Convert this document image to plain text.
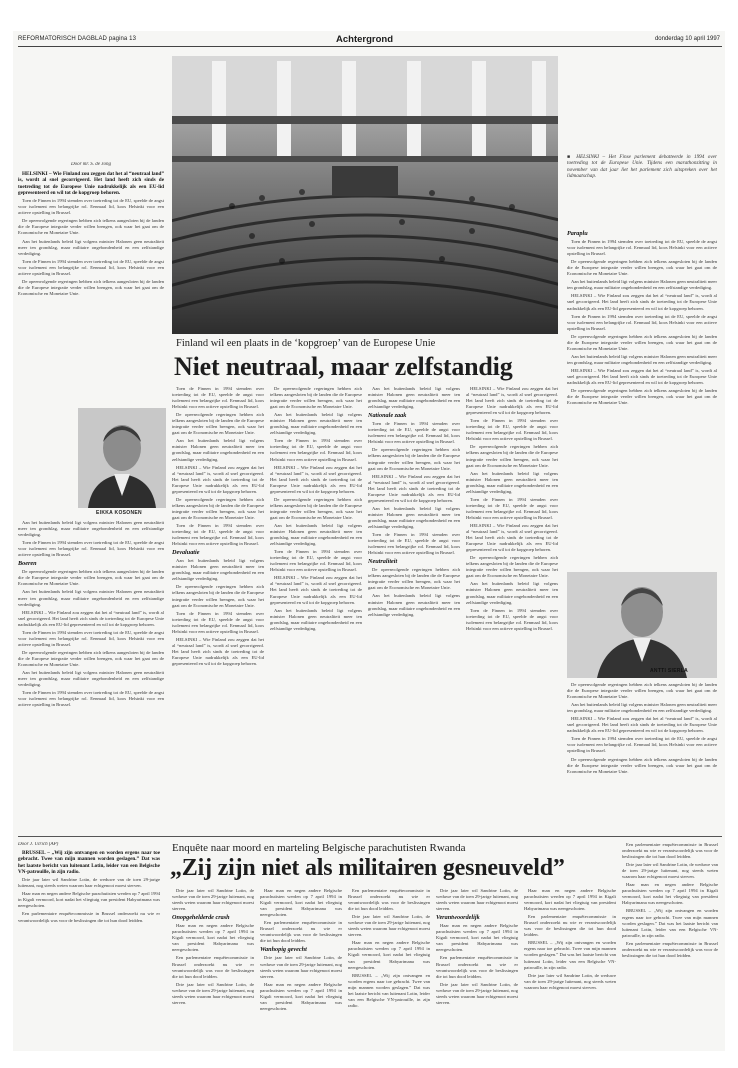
REFORMATORISCH DAGBLAD pagina 13	Achtergrond	donderdag 10 april 1997
■ HELSINKI – Het Finse parlement debatteerde in 1994 over toetreding tot de Europese Unie. Tijdens een marathonzitting in november van dat jaar liet het parlement zich uitspreken over het lidmaatschap.
Paraplu

Toen de Finnen in 1994 stemden over toetreding tot de EU, speelde de angst voor isolement een belangrijke rol. Eenmaal lid, koos Helsinki voor een actieve opstelling in Brussel.

De opeenvolgende regeringen hebben zich telkens aangesloten bij de landen die de Europese integratie verder willen brengen, ook waar het gaat om de Economische en Monetaire Unie.

Aan het buitenlands beleid ligt volgens minister Halonen geen neutraliteit meer ten grondslag, maar militaire ongebondenheid en een zelfstandige verdediging.

HELSINKI – Wie Finland zou zeggen dat het al “neutraal land” is, wordt al snel gecorrigeerd. Het land heeft zich sinds de toetreding tot de Europese Unie nadrukkelijk als een EU-lid gepresenteerd en wil tot de kopgroep behoren.

Toen de Finnen in 1994 stemden over toetreding tot de EU, speelde de angst voor isolement een belangrijke rol. Eenmaal lid, koos Helsinki voor een actieve opstelling in Brussel.

De opeenvolgende regeringen hebben zich telkens aangesloten bij de landen die de Europese integratie verder willen brengen, ook waar het gaat om de Economische en Monetaire Unie.

Aan het buitenlands beleid ligt volgens minister Halonen geen neutraliteit meer ten grondslag, maar militaire ongebondenheid en een zelfstandige verdediging.

HELSINKI – Wie Finland zou zeggen dat het al “neutraal land” is, wordt al snel gecorrigeerd. Het land heeft zich sinds de toetreding tot de Europese Unie nadrukkelijk als een EU-lid gepresenteerd en wil tot de kopgroep behoren.

De opeenvolgende regeringen hebben zich telkens aangesloten bij de landen die de Europese integratie verder willen brengen, ook waar het gaat om de Economische en Monetaire Unie.

Door mr. S. de Jong

HELSINKI – Wie Finland zou zeggen dat het al “neutraal land” is, wordt al snel gecorrigeerd. Het land heeft zich sinds de toetreding tot de Europese Unie nadrukkelijk als een EU-lid gepresenteerd en wil tot de kopgroep behoren.

Toen de Finnen in 1994 stemden over toetreding tot de EU, speelde de angst voor isolement een belangrijke rol. Eenmaal lid, koos Helsinki voor een actieve opstelling in Brussel.

De opeenvolgende regeringen hebben zich telkens aangesloten bij de landen die de Europese integratie verder willen brengen, ook waar het gaat om de Economische en Monetaire Unie.

Aan het buitenlands beleid ligt volgens minister Halonen geen neutraliteit meer ten grondslag, maar militaire ongebondenheid en een zelfstandige verdediging.

Toen de Finnen in 1994 stemden over toetreding tot de EU, speelde de angst voor isolement een belangrijke rol. Eenmaal lid, koos Helsinki voor een actieve opstelling in Brussel.

De opeenvolgende regeringen hebben zich telkens aangesloten bij de landen die de Europese integratie verder willen brengen, ook waar het gaat om de Economische en Monetaire Unie.

Finland wil een plaats in de ‘kopgroep’ van de Europese Unie
Niet neutraal, maar zelfstandig
EIKKA KOSONEN

Aan het buitenlands beleid ligt volgens minister Halonen geen neutraliteit meer ten grondslag, maar militaire ongebondenheid en een zelfstandige verdediging.

Toen de Finnen in 1994 stemden over toetreding tot de EU, speelde de angst voor isolement een belangrijke rol. Eenmaal lid, koos Helsinki voor een actieve opstelling in Brussel.

Boeren

De opeenvolgende regeringen hebben zich telkens aangesloten bij de landen die de Europese integratie verder willen brengen, ook waar het gaat om de Economische en Monetaire Unie.

Aan het buitenlands beleid ligt volgens minister Halonen geen neutraliteit meer ten grondslag, maar militaire ongebondenheid en een zelfstandige verdediging.

HELSINKI – Wie Finland zou zeggen dat het al “neutraal land” is, wordt al snel gecorrigeerd. Het land heeft zich sinds de toetreding tot de Europese Unie nadrukkelijk als een EU-lid gepresenteerd en wil tot de kopgroep behoren.

Toen de Finnen in 1994 stemden over toetreding tot de EU, speelde de angst voor isolement een belangrijke rol. Eenmaal lid, koos Helsinki voor een actieve opstelling in Brussel.

De opeenvolgende regeringen hebben zich telkens aangesloten bij de landen die de Europese integratie verder willen brengen, ook waar het gaat om de Economische en Monetaire Unie.

Aan het buitenlands beleid ligt volgens minister Halonen geen neutraliteit meer ten grondslag, maar militaire ongebondenheid en een zelfstandige verdediging.

Toen de Finnen in 1994 stemden over toetreding tot de EU, speelde de angst voor isolement een belangrijke rol. Eenmaal lid, koos Helsinki voor een actieve opstelling in Brussel.

Toen de Finnen in 1994 stemden over toetreding tot de EU, speelde de angst voor isolement een belangrijke rol. Eenmaal lid, koos Helsinki voor een actieve opstelling in Brussel.

De opeenvolgende regeringen hebben zich telkens aangesloten bij de landen die de Europese integratie verder willen brengen, ook waar het gaat om de Economische en Monetaire Unie.

Aan het buitenlands beleid ligt volgens minister Halonen geen neutraliteit meer ten grondslag, maar militaire ongebondenheid en een zelfstandige verdediging.

HELSINKI – Wie Finland zou zeggen dat het al “neutraal land” is, wordt al snel gecorrigeerd. Het land heeft zich sinds de toetreding tot de Europese Unie nadrukkelijk als een EU-lid gepresenteerd en wil tot de kopgroep behoren.

De opeenvolgende regeringen hebben zich telkens aangesloten bij de landen die de Europese integratie verder willen brengen, ook waar het gaat om de Economische en Monetaire Unie.

Toen de Finnen in 1994 stemden over toetreding tot de EU, speelde de angst voor isolement een belangrijke rol. Eenmaal lid, koos Helsinki voor een actieve opstelling in Brussel.

Devaluatie

Aan het buitenlands beleid ligt volgens minister Halonen geen neutraliteit meer ten grondslag, maar militaire ongebondenheid en een zelfstandige verdediging.

De opeenvolgende regeringen hebben zich telkens aangesloten bij de landen die de Europese integratie verder willen brengen, ook waar het gaat om de Economische en Monetaire Unie.

Toen de Finnen in 1994 stemden over toetreding tot de EU, speelde de angst voor isolement een belangrijke rol. Eenmaal lid, koos Helsinki voor een actieve opstelling in Brussel.

HELSINKI – Wie Finland zou zeggen dat het al “neutraal land” is, wordt al snel gecorrigeerd. Het land heeft zich sinds de toetreding tot de Europese Unie nadrukkelijk als een EU-lid gepresenteerd en wil tot de kopgroep behoren.

De opeenvolgende regeringen hebben zich telkens aangesloten bij de landen die de Europese integratie verder willen brengen, ook waar het gaat om de Economische en Monetaire Unie.

Aan het buitenlands beleid ligt volgens minister Halonen geen neutraliteit meer ten grondslag, maar militaire ongebondenheid en een zelfstandige verdediging.

Toen de Finnen in 1994 stemden over toetreding tot de EU, speelde de angst voor isolement een belangrijke rol. Eenmaal lid, koos Helsinki voor een actieve opstelling in Brussel.

HELSINKI – Wie Finland zou zeggen dat het al “neutraal land” is, wordt al snel gecorrigeerd. Het land heeft zich sinds de toetreding tot de Europese Unie nadrukkelijk als een EU-lid gepresenteerd en wil tot de kopgroep behoren.

De opeenvolgende regeringen hebben zich telkens aangesloten bij de landen die de Europese integratie verder willen brengen, ook waar het gaat om de Economische en Monetaire Unie.

Aan het buitenlands beleid ligt volgens minister Halonen geen neutraliteit meer ten grondslag, maar militaire ongebondenheid en een zelfstandige verdediging.

Toen de Finnen in 1994 stemden over toetreding tot de EU, speelde de angst voor isolement een belangrijke rol. Eenmaal lid, koos Helsinki voor een actieve opstelling in Brussel.

HELSINKI – Wie Finland zou zeggen dat het al “neutraal land” is, wordt al snel gecorrigeerd. Het land heeft zich sinds de toetreding tot de Europese Unie nadrukkelijk als een EU-lid gepresenteerd en wil tot de kopgroep behoren.

Aan het buitenlands beleid ligt volgens minister Halonen geen neutraliteit meer ten grondslag, maar militaire ongebondenheid en een zelfstandige verdediging.

Aan het buitenlands beleid ligt volgens minister Halonen geen neutraliteit meer ten grondslag, maar militaire ongebondenheid en een zelfstandige verdediging.

Nationale zaak

Toen de Finnen in 1994 stemden over toetreding tot de EU, speelde de angst voor isolement een belangrijke rol. Eenmaal lid, koos Helsinki voor een actieve opstelling in Brussel.

De opeenvolgende regeringen hebben zich telkens aangesloten bij de landen die de Europese integratie verder willen brengen, ook waar het gaat om de Economische en Monetaire Unie.

HELSINKI – Wie Finland zou zeggen dat het al “neutraal land” is, wordt al snel gecorrigeerd. Het land heeft zich sinds de toetreding tot de Europese Unie nadrukkelijk als een EU-lid gepresenteerd en wil tot de kopgroep behoren.

Aan het buitenlands beleid ligt volgens minister Halonen geen neutraliteit meer ten grondslag, maar militaire ongebondenheid en een zelfstandige verdediging.

Toen de Finnen in 1994 stemden over toetreding tot de EU, speelde de angst voor isolement een belangrijke rol. Eenmaal lid, koos Helsinki voor een actieve opstelling in Brussel.

Neutraliteit

De opeenvolgende regeringen hebben zich telkens aangesloten bij de landen die de Europese integratie verder willen brengen, ook waar het gaat om de Economische en Monetaire Unie.

Aan het buitenlands beleid ligt volgens minister Halonen geen neutraliteit meer ten grondslag, maar militaire ongebondenheid en een zelfstandige verdediging.

HELSINKI – Wie Finland zou zeggen dat het al “neutraal land” is, wordt al snel gecorrigeerd. Het land heeft zich sinds de toetreding tot de Europese Unie nadrukkelijk als een EU-lid gepresenteerd en wil tot de kopgroep behoren.

Toen de Finnen in 1994 stemden over toetreding tot de EU, speelde de angst voor isolement een belangrijke rol. Eenmaal lid, koos Helsinki voor een actieve opstelling in Brussel.

De opeenvolgende regeringen hebben zich telkens aangesloten bij de landen die de Europese integratie verder willen brengen, ook waar het gaat om de Economische en Monetaire Unie.

Aan het buitenlands beleid ligt volgens minister Halonen geen neutraliteit meer ten grondslag, maar militaire ongebondenheid en een zelfstandige verdediging.

Toen de Finnen in 1994 stemden over toetreding tot de EU, speelde de angst voor isolement een belangrijke rol. Eenmaal lid, koos Helsinki voor een actieve opstelling in Brussel.

HELSINKI – Wie Finland zou zeggen dat het al “neutraal land” is, wordt al snel gecorrigeerd. Het land heeft zich sinds de toetreding tot de Europese Unie nadrukkelijk als een EU-lid gepresenteerd en wil tot de kopgroep behoren.

De opeenvolgende regeringen hebben zich telkens aangesloten bij de landen die de Europese integratie verder willen brengen, ook waar het gaat om de Economische en Monetaire Unie.

Aan het buitenlands beleid ligt volgens minister Halonen geen neutraliteit meer ten grondslag, maar militaire ongebondenheid en een zelfstandige verdediging.

Toen de Finnen in 1994 stemden over toetreding tot de EU, speelde de angst voor isolement een belangrijke rol. Eenmaal lid, koos Helsinki voor een actieve opstelling in Brussel.

ANTTI SIERLA

De opeenvolgende regeringen hebben zich telkens aangesloten bij de landen die de Europese integratie verder willen brengen, ook waar het gaat om de Economische en Monetaire Unie.

Aan het buitenlands beleid ligt volgens minister Halonen geen neutraliteit meer ten grondslag, maar militaire ongebondenheid en een zelfstandige verdediging.

HELSINKI – Wie Finland zou zeggen dat het al “neutraal land” is, wordt al snel gecorrigeerd. Het land heeft zich sinds de toetreding tot de Europese Unie nadrukkelijk als een EU-lid gepresenteerd en wil tot de kopgroep behoren.

Toen de Finnen in 1994 stemden over toetreding tot de EU, speelde de angst voor isolement een belangrijke rol. Eenmaal lid, koos Helsinki voor een actieve opstelling in Brussel.

De opeenvolgende regeringen hebben zich telkens aangesloten bij de landen die de Europese integratie verder willen brengen, ook waar het gaat om de Economische en Monetaire Unie.

Door J. Ulrich (AP)

BRUSSEL – „Wij zijn ontvangen en worden ergens naar toe gebracht. Twee van mijn mannen worden geslagen.” Dat was het laatste bericht van luitenant Lotin, leider van een Belgische VN-patrouille, in zijn radio.

Drie jaar later wil Sandrine Lotin, de weduwe van de toen 29-jarige luitenant, nog steeds weten waarom haar echtgenoot moest sterven.

Haar man en negen andere Belgische parachutisten werden op 7 april 1994 in Kigali vermoord, kort nadat het vliegtuig van president Habyarimana was neergeschoten.

Een parlementaire enquêtecommissie in Brussel onderzoekt nu wie er verantwoordelijk was voor de beslissingen die tot hun dood leidden.

Enquête naar moord en marteling Belgische parachutisten Rwanda
„Zij zijn niet als militairen gesneuveld”

Drie jaar later wil Sandrine Lotin, de weduwe van de toen 29-jarige luitenant, nog steeds weten waarom haar echtgenoot moest sterven.

Onopgehelderde crash

Haar man en negen andere Belgische parachutisten werden op 7 april 1994 in Kigali vermoord, kort nadat het vliegtuig van president Habyarimana was neergeschoten.

Een parlementaire enquêtecommissie in Brussel onderzoekt nu wie er verantwoordelijk was voor de beslissingen die tot hun dood leidden.

Drie jaar later wil Sandrine Lotin, de weduwe van de toen 29-jarige luitenant, nog steeds weten waarom haar echtgenoot moest sterven.

Haar man en negen andere Belgische parachutisten werden op 7 april 1994 in Kigali vermoord, kort nadat het vliegtuig van president Habyarimana was neergeschoten.

Een parlementaire enquêtecommissie in Brussel onderzoekt nu wie er verantwoordelijk was voor de beslissingen die tot hun dood leidden.

Wanhopig gevecht

Drie jaar later wil Sandrine Lotin, de weduwe van de toen 29-jarige luitenant, nog steeds weten waarom haar echtgenoot moest sterven.

Haar man en negen andere Belgische parachutisten werden op 7 april 1994 in Kigali vermoord, kort nadat het vliegtuig van president Habyarimana was neergeschoten.

Een parlementaire enquêtecommissie in Brussel onderzoekt nu wie er verantwoordelijk was voor de beslissingen die tot hun dood leidden.

Drie jaar later wil Sandrine Lotin, de weduwe van de toen 29-jarige luitenant, nog steeds weten waarom haar echtgenoot moest sterven.

Haar man en negen andere Belgische parachutisten werden op 7 april 1994 in Kigali vermoord, kort nadat het vliegtuig van president Habyarimana was neergeschoten.

BRUSSEL – „Wij zijn ontvangen en worden ergens naar toe gebracht. Twee van mijn mannen worden geslagen.” Dat was het laatste bericht van luitenant Lotin, leider van een Belgische VN-patrouille, in zijn radio.

Drie jaar later wil Sandrine Lotin, de weduwe van de toen 29-jarige luitenant, nog steeds weten waarom haar echtgenoot moest sterven.

Verantwoordelijk

Haar man en negen andere Belgische parachutisten werden op 7 april 1994 in Kigali vermoord, kort nadat het vliegtuig van president Habyarimana was neergeschoten.

Een parlementaire enquêtecommissie in Brussel onderzoekt nu wie er verantwoordelijk was voor de beslissingen die tot hun dood leidden.

Drie jaar later wil Sandrine Lotin, de weduwe van de toen 29-jarige luitenant, nog steeds weten waarom haar echtgenoot moest sterven.

Haar man en negen andere Belgische parachutisten werden op 7 april 1994 in Kigali vermoord, kort nadat het vliegtuig van president Habyarimana was neergeschoten.

Een parlementaire enquêtecommissie in Brussel onderzoekt nu wie er verantwoordelijk was voor de beslissingen die tot hun dood leidden.

BRUSSEL – „Wij zijn ontvangen en worden ergens naar toe gebracht. Twee van mijn mannen worden geslagen.” Dat was het laatste bericht van luitenant Lotin, leider van een Belgische VN-patrouille, in zijn radio.

Drie jaar later wil Sandrine Lotin, de weduwe van de toen 29-jarige luitenant, nog steeds weten waarom haar echtgenoot moest sterven.

Een parlementaire enquêtecommissie in Brussel onderzoekt nu wie er verantwoordelijk was voor de beslissingen die tot hun dood leidden.

Drie jaar later wil Sandrine Lotin, de weduwe van de toen 29-jarige luitenant, nog steeds weten waarom haar echtgenoot moest sterven.

Haar man en negen andere Belgische parachutisten werden op 7 april 1994 in Kigali vermoord, kort nadat het vliegtuig van president Habyarimana was neergeschoten.

BRUSSEL – „Wij zijn ontvangen en worden ergens naar toe gebracht. Twee van mijn mannen worden geslagen.” Dat was het laatste bericht van luitenant Lotin, leider van een Belgische VN-patrouille, in zijn radio.

Een parlementaire enquêtecommissie in Brussel onderzoekt nu wie er verantwoordelijk was voor de beslissingen die tot hun dood leidden.
